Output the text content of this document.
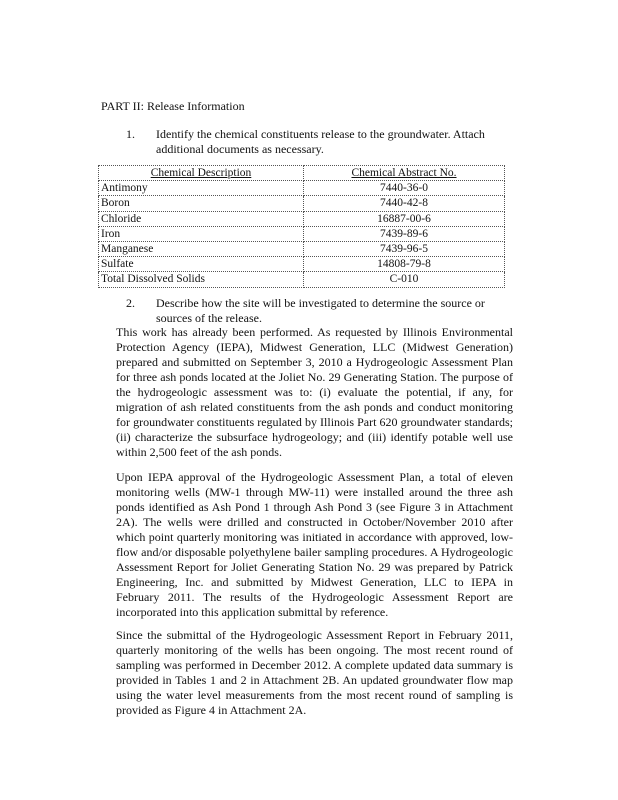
PART II: Release Information
1. Identify the chemical constituents release to the groundwater. Attach additional documents as necessary.
Chemical Description	Chemical Abstract No.
Antimony	7440-36-0
Boron	7440-42-8
Chloride	16887-00-6
Iron	7439-89-6
Manganese	7439-96-5
Sulfate	14808-79-8
Total Dissolved Solids	C-010
2. Describe how the site will be investigated to determine the source or sources of the release.

This work has already been performed. As requested by Illinois Environmental Protection Agency (IEPA), Midwest Generation, LLC (Midwest Generation) prepared and submitted on September 3, 2010 a Hydrogeologic Assessment Plan for three ash ponds located at the Joliet No. 29 Generating Station. The purpose of the hydrogeologic assessment was to: (i) evaluate the potential, if any, for migration of ash related constituents from the ash ponds and conduct monitoring for groundwater constituents regulated by Illinois Part 620 groundwater standards; (ii) characterize the subsurface hydrogeology; and (iii) identify potable well use within 2,500 feet of the ash ponds.

Upon IEPA approval of the Hydrogeologic Assessment Plan, a total of eleven monitoring wells (MW-1 through MW-11) were installed around the three ash ponds identified as Ash Pond 1 through Ash Pond 3 (see Figure 3 in Attachment 2A). The wells were drilled and constructed in October/November 2010 after which point quarterly monitoring was initiated in accordance with approved, low-flow and/or disposable polyethylene bailer sampling procedures. A Hydrogeologic Assessment Report for Joliet Generating Station No. 29 was prepared by Patrick Engineering, Inc. and submitted by Midwest Generation, LLC to IEPA in February 2011. The results of the Hydrogeologic Assessment Report are incorporated into this application submittal by reference.

Since the submittal of the Hydrogeologic Assessment Report in February 2011, quarterly monitoring of the wells has been ongoing. The most recent round of sampling was performed in December 2012. A complete updated data summary is provided in Tables 1 and 2 in Attachment 2B. An updated groundwater flow map using the water level measurements from the most recent round of sampling is provided as Figure 4 in Attachment 2A.
